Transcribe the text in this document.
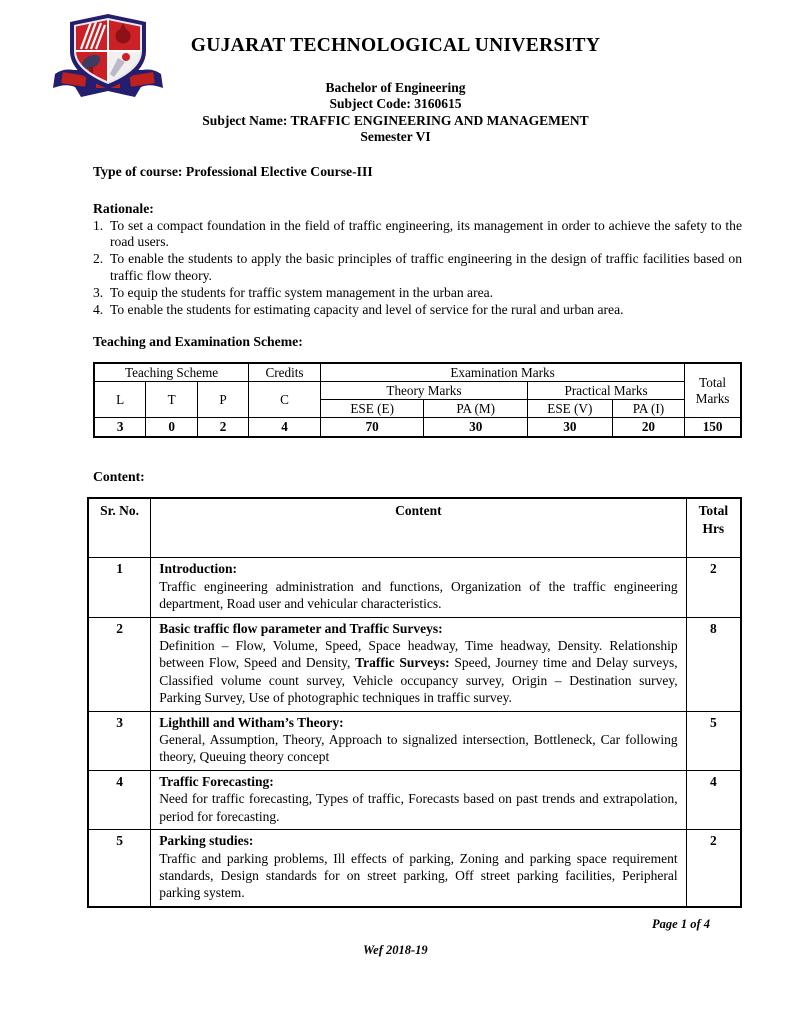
GUJARAT TECHNOLOGICAL UNIVERSITY
Bachelor of Engineering
Subject Code: 3160615
Subject Name: TRAFFIC ENGINEERING AND MANAGEMENT
Semester VI
Type of course: Professional Elective Course-III
Rationale:
1. To set a compact foundation in the field of traffic engineering, its management in order to achieve the safety to the road users.
2. To enable the students to apply the basic principles of traffic engineering in the design of traffic facilities based on traffic flow theory.
3. To equip the students for traffic system management in the urban area.
4. To enable the students for estimating capacity and level of service for the rural and urban area.
Teaching and Examination Scheme:
Teaching Scheme			Credits	Examination Marks				Total Marks
L	T	P	C	Theory Marks		Practical Marks		
				ESE (E)	PA (M)	ESE (V)	PA (I)	
3	0	2	4	70	30	30	20	150
Content:
Sr. No.	Content	Total Hrs
1	Introduction:
Traffic engineering administration and functions, Organization of the traffic engineering department, Road user and vehicular characteristics.	2
2	Basic traffic flow parameter and Traffic Surveys:
Definition – Flow, Volume, Speed, Space headway, Time headway, Density. Relationship between Flow, Speed and Density, Traffic Surveys: Speed, Journey time and Delay surveys, Classified volume count survey, Vehicle occupancy survey, Origin – Destination survey, Parking Survey, Use of photographic techniques in traffic survey.	8
3	Lighthill and Witham’s Theory:
General, Assumption, Theory, Approach to signalized intersection, Bottleneck, Car following theory, Queuing theory concept	5
4	Traffic Forecasting:
Need for traffic forecasting, Types of traffic, Forecasts based on past trends and extrapolation, period for forecasting.	4
5	Parking studies:
Traffic and parking problems, Ill effects of parking, Zoning and parking space requirement standards, Design standards for on street parking, Off street parking facilities, Peripheral parking system.	2
Page 1 of 4
Wef 2018-19
